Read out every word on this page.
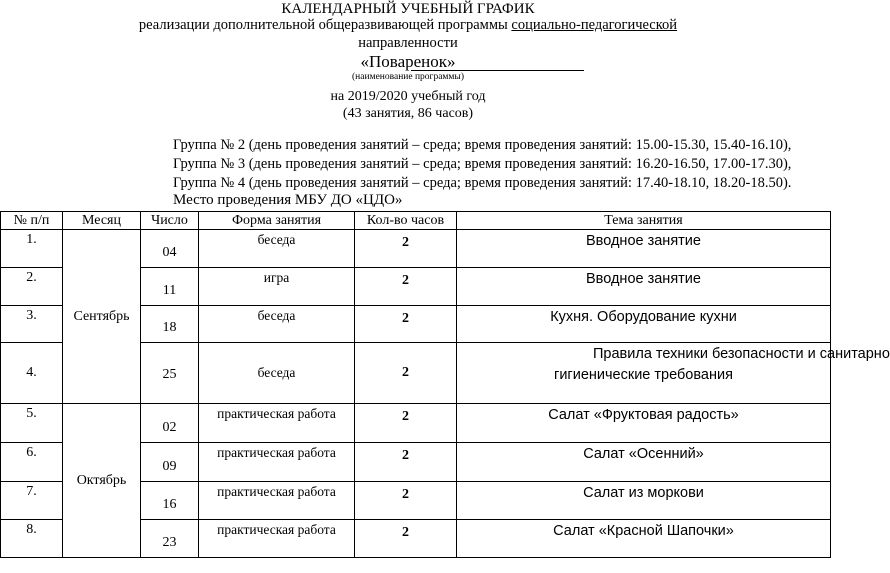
КАЛЕНДАРНЫЙ УЧЕБНЫЙ ГРАФИК
реализации дополнительной общеразвивающей программы социально-педагогической
направленности
«Поваренок»
(наименование программы)
на 2019/2020 учебный год
(43 занятия, 86 часов)
Группа № 2 (день проведения занятий – среда; время проведения занятий: 15.00-15.30, 15.40-16.10),
Группа № 3 (день проведения занятий – среда; время проведения занятий: 16.20-16.50, 17.00-17.30),
Группа № 4 (день проведения занятий – среда; время проведения занятий: 17.40-18.10, 18.20-18.50).
Место проведения МБУ ДО «ЦДО»
№ п/п	Месяц	Число	Форма занятия	Кол-во часов	Тема занятия
1.	Сентябрь	04	беседа	2	Вводное занятие
2.		11	игра	2	Вводное занятие
3.		18	беседа	2	Кухня. Оборудование кухни
4.		25	беседа	2	Правила техники безопасности и санитарно
гигиенические требования

5.	Октябрь	02	практическая работа	2	Салат «Фруктовая радость»
6.		09	практическая работа	2	Салат «Осенний»
7.		16	практическая работа	2	Салат из моркови
8.		23	практическая работа	2	Салат «Красной Шапочки»
